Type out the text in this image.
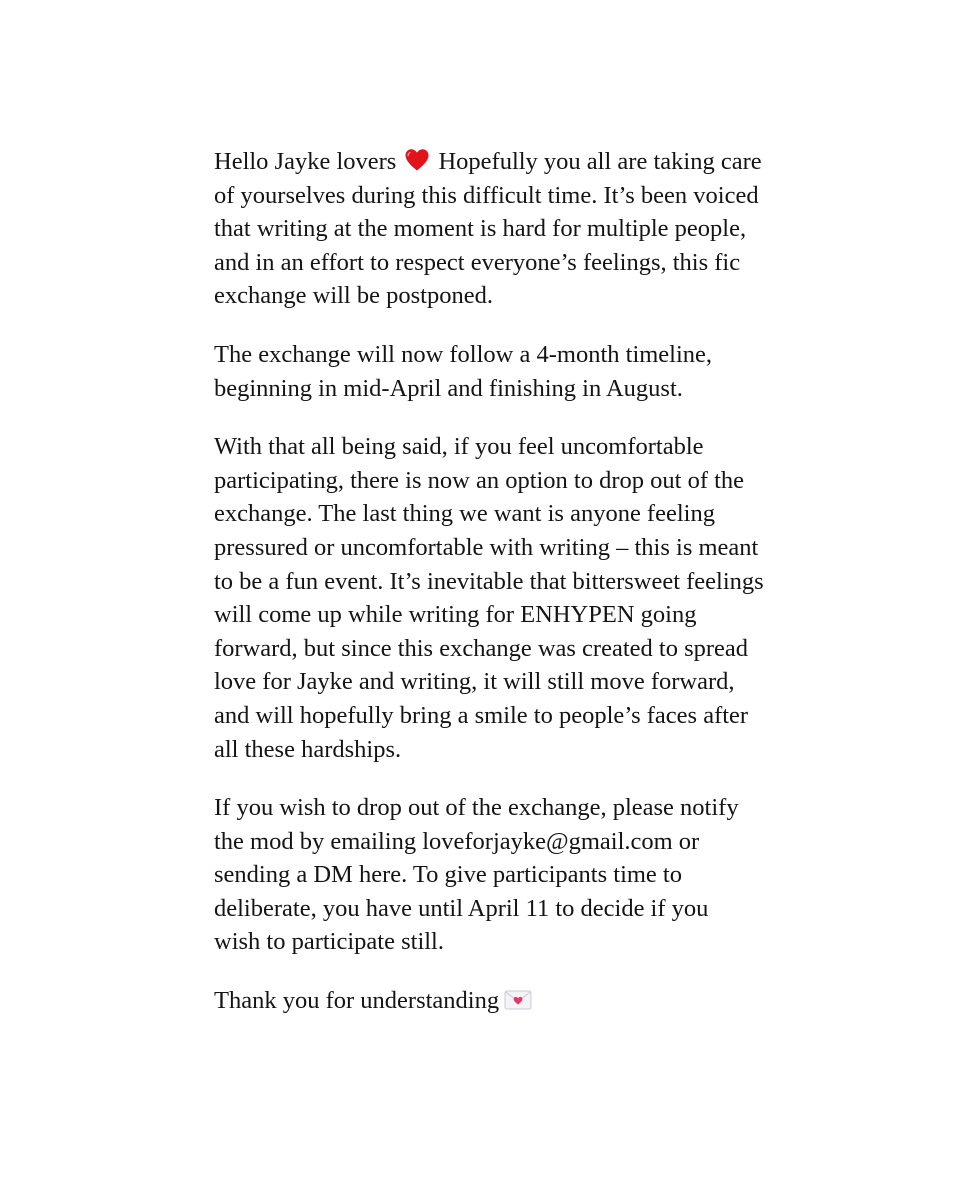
Hello Jayke lovers Hopefully you all are taking care of yourselves during this difficult time. It’s been voiced that writing at the moment is hard for multiple people, and in an effort to respect everyone’s feelings, this fic exchange will be postponed.

The exchange will now follow a 4-month timeline, beginning in mid-April and finishing in August.

With that all being said, if you feel uncomfortable participating, there is now an option to drop out of the exchange. The last thing we want is anyone feeling pressured or uncomfortable with writing – this is meant to be a fun event. It’s inevitable that bittersweet feelings will come up while writing for ENHYPEN going forward, but since this exchange was created to spread love for Jayke and writing, it will still move forward, and will hopefully bring a smile to people’s faces after all these hardships.

If you wish to drop out of the exchange, please notify the mod by emailing loveforjayke@gmail.com or sending a DM here. To give participants time to deliberate, you have until April 11 to decide if you wish to participate still.

Thank you for understanding
